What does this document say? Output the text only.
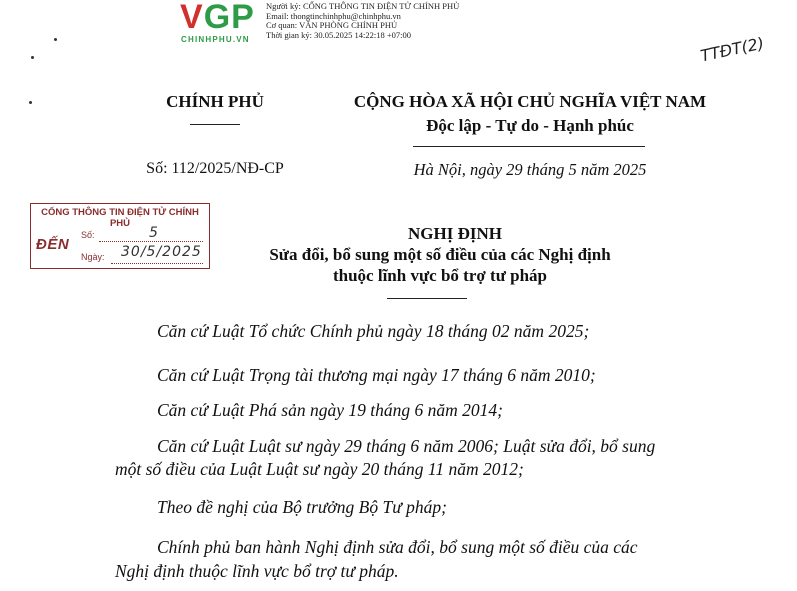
VGP
CHINHPHU.VN
Người ký: CỔNG THÔNG TIN ĐIỆN TỬ CHÍNH PHỦ
Email: thongtinchinhphu@chinhphu.vn
Cơ quan: VĂN PHÒNG CHÍNH PHỦ
Thời gian ký: 30.05.2025 14:22:18 +07:00	TTĐT(2)
CHÍNH PHỦ	CỘNG HÒA XÃ HỘI CHỦ NGHĨA VIỆT NAM
Độc lập - Tự do - Hạnh phúc
Số: 112/2025/NĐ-CP	Hà Nội, ngày 29 tháng 5 năm 2025
CỔNG THÔNG TIN ĐIỆN TỬ CHÍNH PHỦ
ĐẾN
Số:	5
Ngày: 30/5/2025
NGHỊ ĐỊNH
Sửa đổi, bổ sung một số điều của các Nghị định
thuộc lĩnh vực bổ trợ tư pháp
Căn cứ Luật Tổ chức Chính phủ ngày 18 tháng 02 năm 2025;
Căn cứ Luật Trọng tài thương mại ngày 17 tháng 6 năm 2010;
Căn cứ Luật Phá sản ngày 19 tháng 6 năm 2014;
Căn cứ Luật Luật sư ngày 29 tháng 6 năm 2006; Luật sửa đổi, bổ sung
một số điều của Luật Luật sư ngày 20 tháng 11 năm 2012;
Theo đề nghị của Bộ trưởng Bộ Tư pháp;
Chính phủ ban hành Nghị định sửa đổi, bổ sung một số điều của các
Nghị định thuộc lĩnh vực bổ trợ tư pháp.
